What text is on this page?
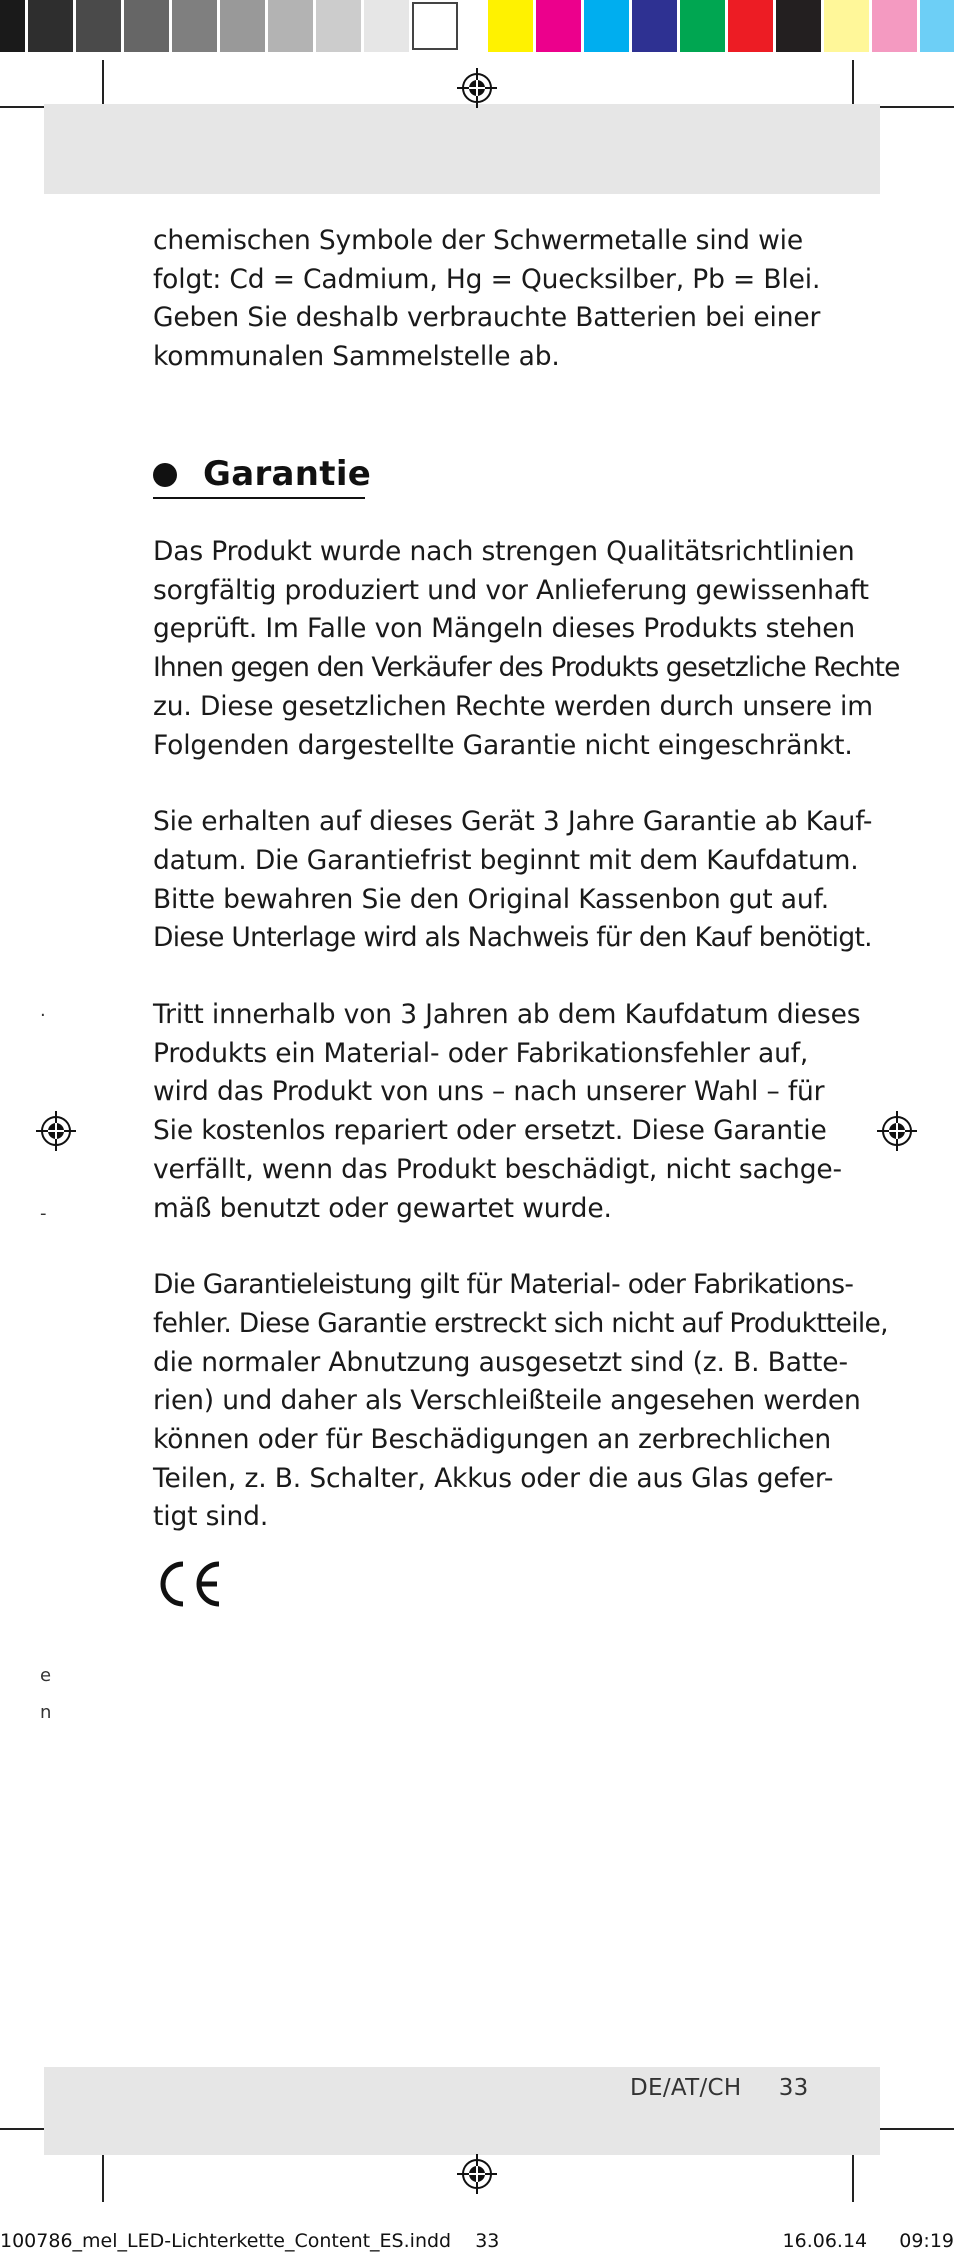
chemischen Symbole der Schwermetalle sind wie
folgt: Cd = Cadmium, Hg = Quecksilber, Pb = Blei.
Geben Sie deshalb verbrauchte Batterien bei einer
kommunalen Sammelstelle ab.

Garantie

Das Produkt wurde nach strengen Qualitätsrichtlinien
sorgfältig produziert und vor Anlieferung gewissenhaft
geprüft. Im Falle von Mängeln dieses Produkts stehen
Ihnen gegen den Verkäufer des Produkts gesetzliche Rechte
zu. Diese gesetzlichen Rechte werden durch unsere im
Folgenden dargestellte Garantie nicht eingeschränkt.

Sie erhalten auf dieses Gerät 3 Jahre Garantie ab Kauf-
datum. Die Garantiefrist beginnt mit dem Kaufdatum.
Bitte bewahren Sie den Original Kassenbon gut auf.
Diese Unterlage wird als Nachweis für den Kauf benötigt.

Tritt innerhalb von 3 Jahren ab dem Kaufdatum dieses
Produkts ein Material- oder Fabrikationsfehler auf,
wird das Produkt von uns – nach unserer Wahl – für
Sie kostenlos repariert oder ersetzt. Diese Garantie
verfällt, wenn das Produkt beschädigt, nicht sachge-
mäß benutzt oder gewartet wurde.

Die Garantieleistung gilt für Material- oder Fabrikations-
fehler. Diese Garantie erstreckt sich nicht auf Produktteile,
die normaler Abnutzung ausgesetzt sind (z. B. Batte-
rien) und daher als Verschleißteile angesehen werden
können oder für Beschädigungen an zerbrechlichen
Teilen, z. B. Schalter, Akkus oder die aus Glas gefer-
tigt sind.

·
-
e
n
DE/AT/CH 33
100786_mel_LED-Lichterkette_Content_ES.indd 33	16.06.14 09:19
